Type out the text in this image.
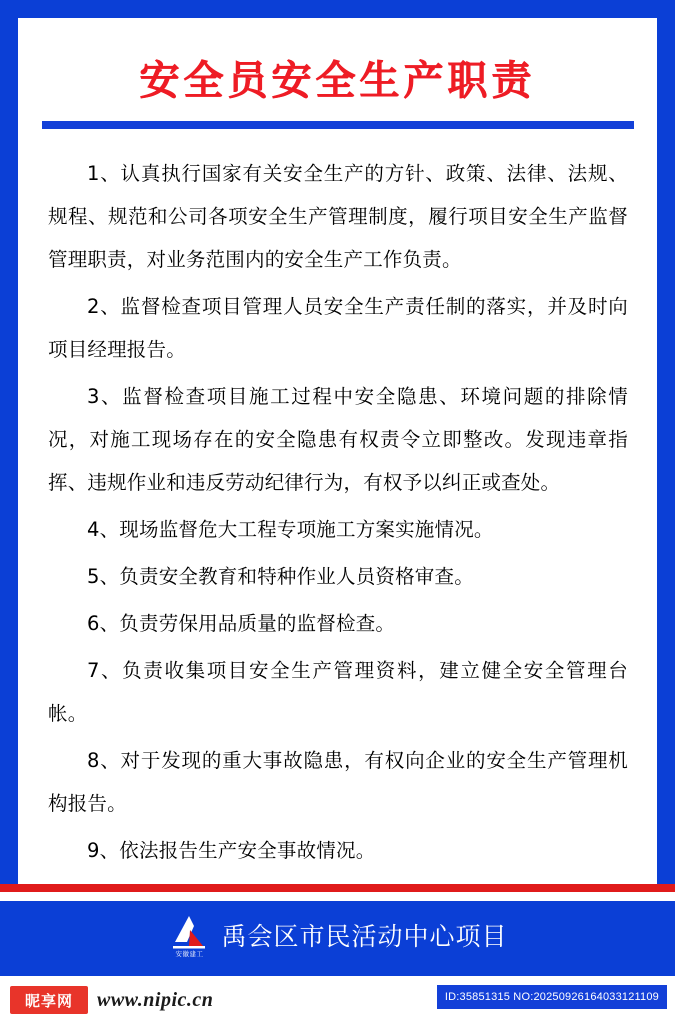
安全员安全生产职责

1、认真执行国家有关安全生产的方针、政策、法律、法规、规程、规范和公司各项安全生产管理制度，履行项目安全生产监督管理职责，对业务范围内的安全生产工作负责。

2、监督检查项目管理人员安全生产责任制的落实，并及时向项目经理报告。

3、监督检查项目施工过程中安全隐患、环境问题的排除情况，对施工现场存在的安全隐患有权责令立即整改。发现违章指挥、违规作业和违反劳动纪律行为，有权予以纠正或查处。

4、现场监督危大工程专项施工方案实施情况。

5、负责安全教育和特种作业人员资格审查。

6、负责劳保用品质量的监督检查。

7、负责收集项目安全生产管理资料，建立健全安全管理台帐。

8、对于发现的重大事故隐患，有权向企业的安全生产管理机构报告。

9、依法报告生产安全事故情况。

安徽建工
禹会区市民活动中心项目
昵享网	www.nipic.cn	ID:35851315 NO:20250926164033121109
